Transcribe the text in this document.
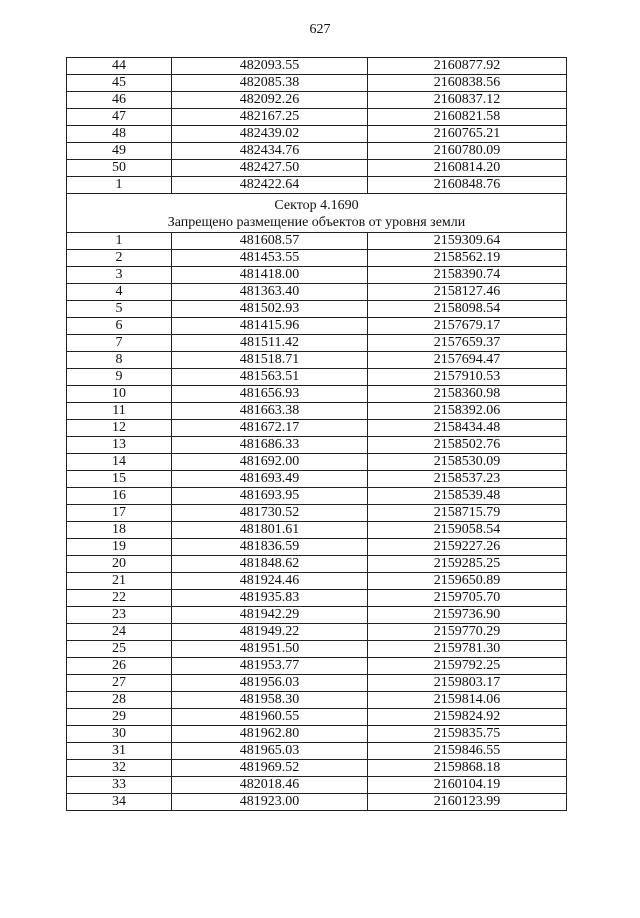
627
44	482093.55	2160877.92
45	482085.38	2160838.56
46	482092.26	2160837.12
47	482167.25	2160821.58
48	482439.02	2160765.21
49	482434.76	2160780.09
50	482427.50	2160814.20
1	482422.64	2160848.76

Сектор 4.1690
Запрещено размещение объектов от уровня земли		

1	481608.57	2159309.64
2	481453.55	2158562.19
3	481418.00	2158390.74
4	481363.40	2158127.46
5	481502.93	2158098.54
6	481415.96	2157679.17
7	481511.42	2157659.37
8	481518.71	2157694.47
9	481563.51	2157910.53
10	481656.93	2158360.98
11	481663.38	2158392.06
12	481672.17	2158434.48
13	481686.33	2158502.76
14	481692.00	2158530.09
15	481693.49	2158537.23
16	481693.95	2158539.48
17	481730.52	2158715.79
18	481801.61	2159058.54
19	481836.59	2159227.26
20	481848.62	2159285.25
21	481924.46	2159650.89
22	481935.83	2159705.70
23	481942.29	2159736.90
24	481949.22	2159770.29
25	481951.50	2159781.30
26	481953.77	2159792.25
27	481956.03	2159803.17
28	481958.30	2159814.06
29	481960.55	2159824.92
30	481962.80	2159835.75
31	481965.03	2159846.55
32	481969.52	2159868.18
33	482018.46	2160104.19
34	481923.00	2160123.99
